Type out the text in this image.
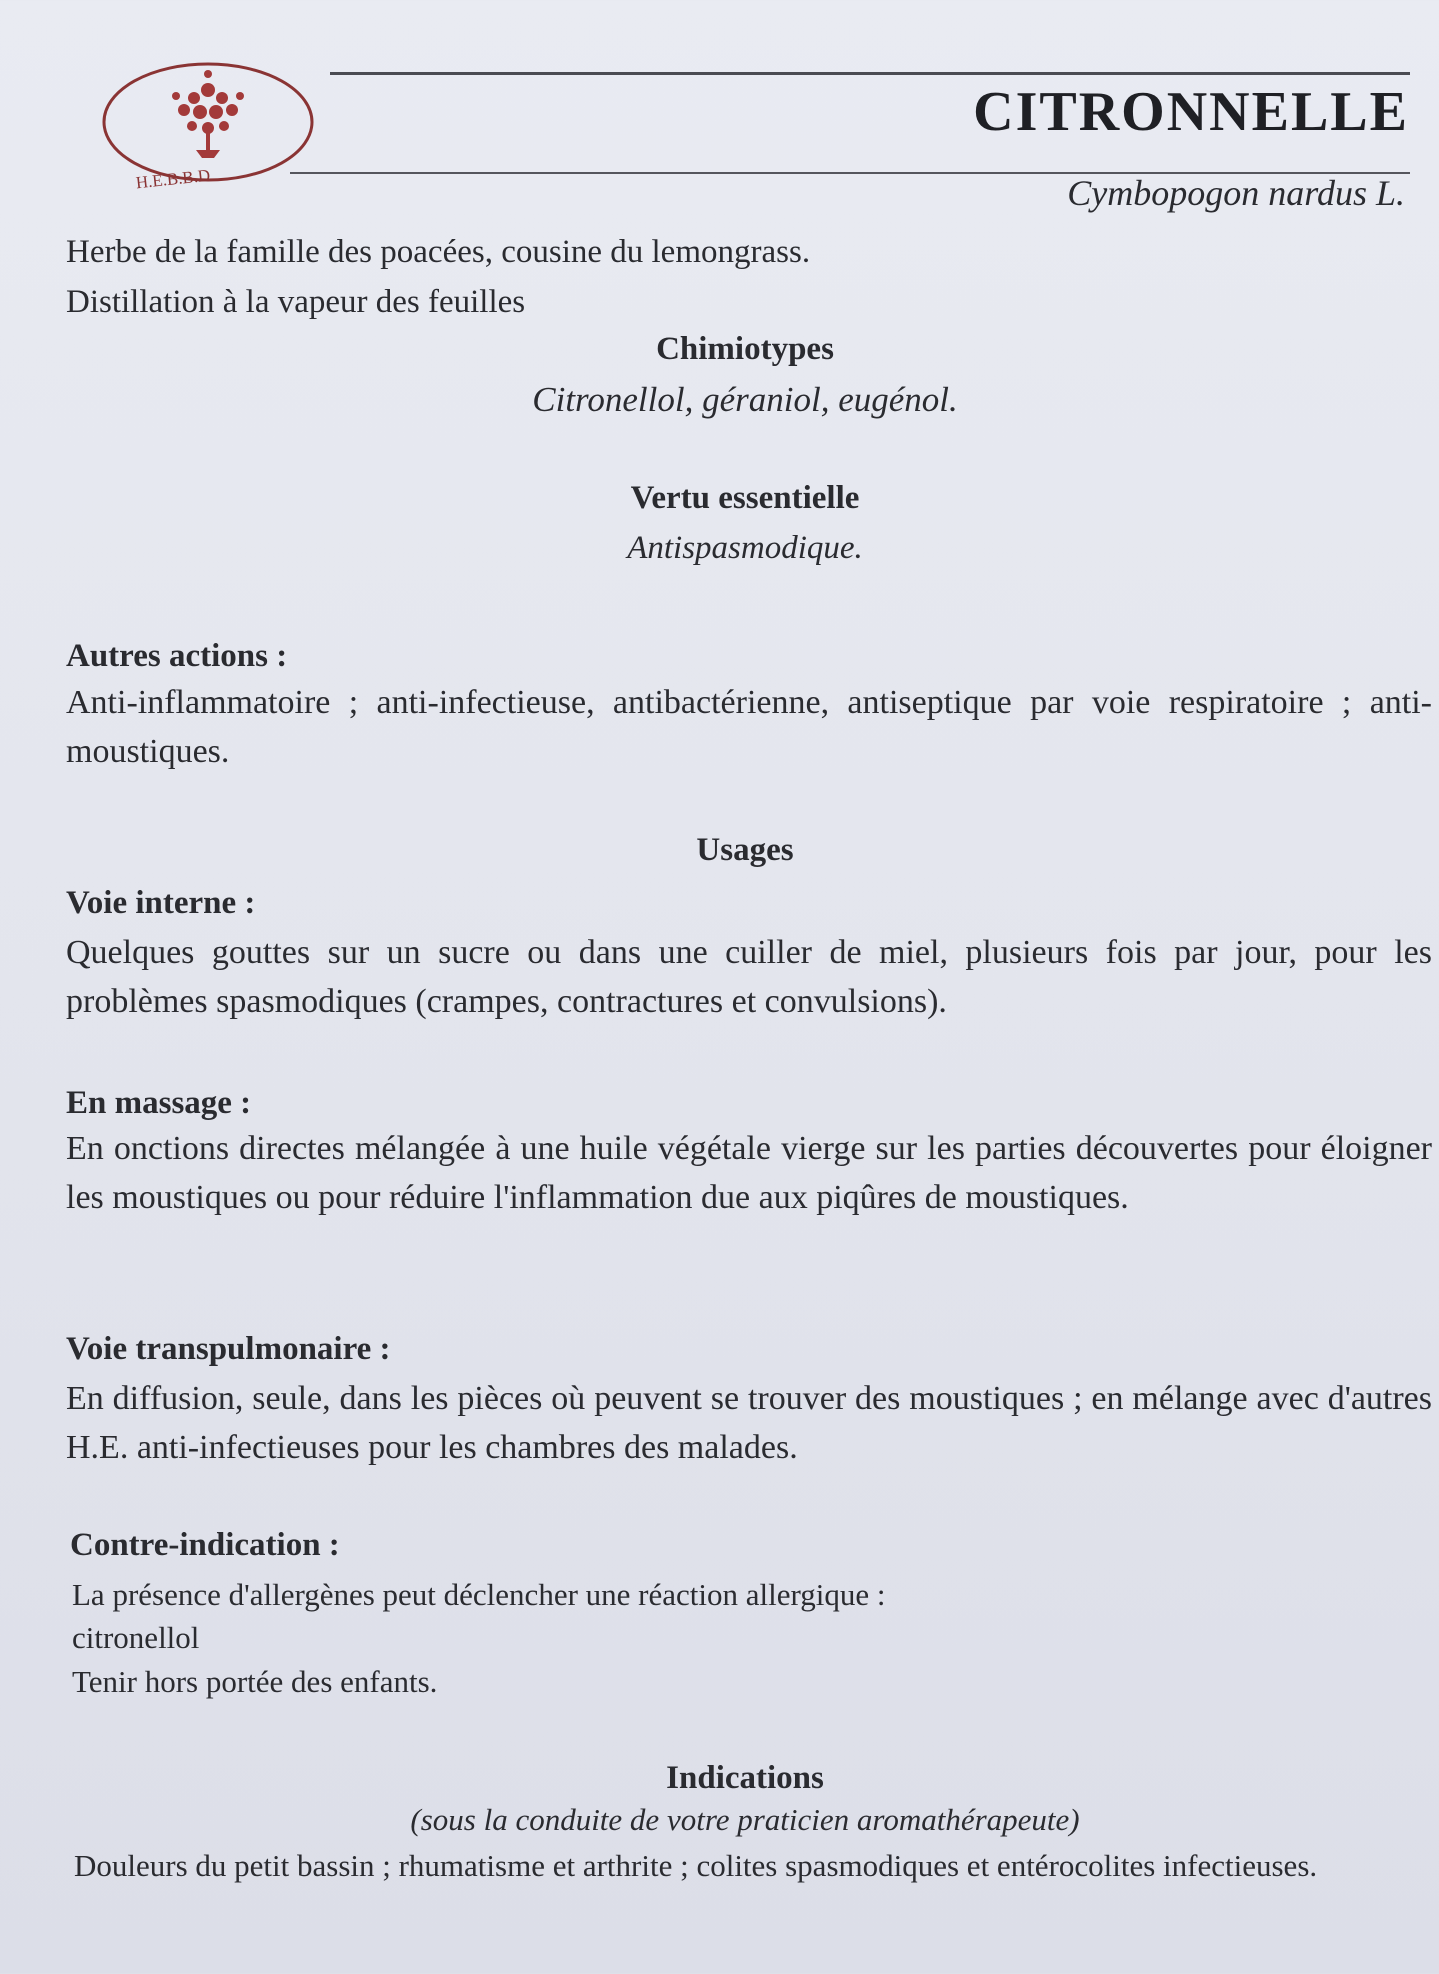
H.E.B.B.D.
CITRONNELLE
Cymbopogon nardus L.
Herbe de la famille des poacées, cousine du lemongrass.
Distillation à la vapeur des feuilles
Chimiotypes
Citronellol, géraniol, eugénol.
Vertu essentielle
Antispasmodique.
Autres actions :
Anti-inflammatoire ; anti-infectieuse, antibactérienne, antiseptique par voie respiratoire ; anti-moustiques.
Usages
Voie interne :
Quelques gouttes sur un sucre ou dans une cuiller de miel, plusieurs fois par jour, pour les problèmes spasmodiques (crampes, contractures et convulsions).
En massage :
En onctions directes mélangée à une huile végétale vierge sur les parties découvertes pour éloigner les moustiques ou pour réduire l'inflammation due aux piqûres de moustiques.
Voie transpulmonaire :
En diffusion, seule, dans les pièces où peuvent se trouver des moustiques ; en mélange avec d'autres H.E. anti-infectieuses pour les chambres des malades.
Contre-indication :
La présence d'allergènes peut déclencher une réaction allergique :
citronellol
Tenir hors portée des enfants.
Indications
(sous la conduite de votre praticien aromathérapeute)
Douleurs du petit bassin ; rhumatisme et arthrite ; colites spasmodiques et entérocolites infectieuses.
